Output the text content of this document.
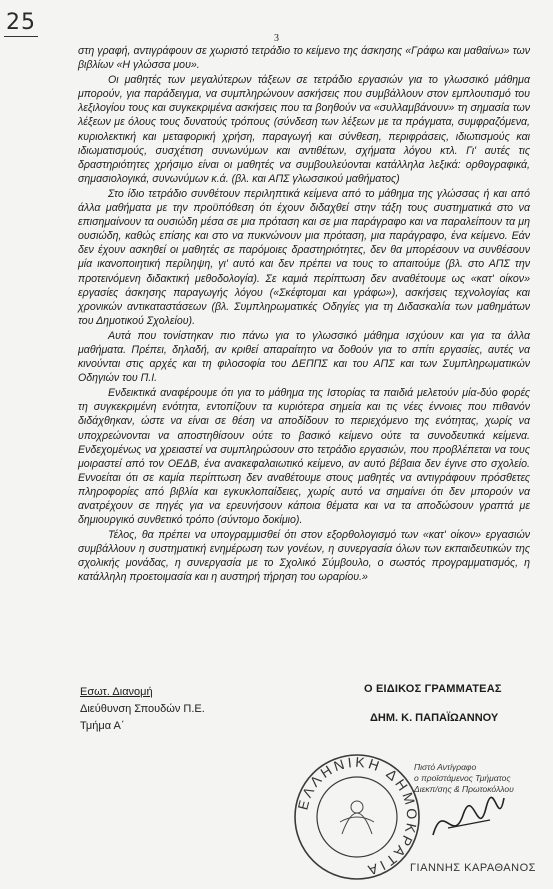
25
3

στη γραφή, αντιγράφουν σε χωριστό τετράδιο το κείμενο της άσκησης «Γράφω και μαθαίνω» των βιβλίων «Η γλώσσα μου».

Οι μαθητές των μεγαλύτερων τάξεων σε τετράδιο εργασιών για το γλωσσικό μάθημα μπορούν, για παράδειγμα, να συμπληρώνουν ασκήσεις που συμβάλλουν στον εμπλουτισμό του λεξιλογίου τους και συγκεκριμένα ασκήσεις που τα βοηθούν να «συλλαμβάνουν» τη σημασία των λέξεων με όλους τους δυνατούς τρόπους (σύνδεση των λέξεων με τα πράγματα, συμφραζόμενα, κυριολεκτική και μεταφορική χρήση, παραγωγή και σύνθεση, περιφράσεις, ιδιωτισμούς και ιδιωματισμούς, συσχέτιση συνωνύμων και αντιθέτων, σχήματα λόγου κτλ. Γι' αυτές τις δραστηριότητες χρήσιμο είναι οι μαθητές να συμβουλεύονται κατάλληλα λεξικά: ορθογραφικά, σημασιολογικά, συνωνύμων κ.ά. (βλ. και ΑΠΣ γλωσσικού μαθήματος)

Στο ίδιο τετράδιο συνθέτουν περιληπτικά κείμενα από το μάθημα της γλώσσας ή και από άλλα μαθήματα με την προϋπόθεση ότι έχουν διδαχθεί στην τάξη τους συστηματικά στο να επισημαίνουν τα ουσιώδη μέσα σε μια πρόταση και σε μια παράγραφο και να παραλείπουν τα μη ουσιώδη, καθώς επίσης και στο να πυκνώνουν μια πρόταση, μια παράγραφο, ένα κείμενο. Εάν δεν έχουν ασκηθεί οι μαθητές σε παρόμοιες δραστηριότητες, δεν θα μπορέσουν να συνθέσουν μία ικανοποιητική περίληψη, γι' αυτό και δεν πρέπει να τους το απαιτούμε (βλ. στο ΑΠΣ την προτεινόμενη διδακτική μεθοδολογία). Σε καμιά περίπτωση δεν αναθέτουμε ως «κατ' οίκον» εργασίες άσκησης παραγωγής λόγου («Σκέφτομαι και γράφω»), ασκήσεις τεχνολογίας και χρονικών αντικαταστάσεων (βλ. Συμπληρωματικές Οδηγίες για τη Διδασκαλία των μαθημάτων του Δημοτικού Σχολείου).

Αυτά που τονίστηκαν πιο πάνω για το γλωσσικό μάθημα ισχύουν και για τα άλλα μαθήματα. Πρέπει, δηλαδή, αν κριθεί απαραίτητο να δοθούν για το σπίτι εργασίες, αυτές να κινούνται στις αρχές και τη φιλοσοφία του ΔΕΠΠΣ και του ΑΠΣ και των Συμπληρωματικών Οδηγιών του Π.Ι.

Ενδεικτικά αναφέρουμε ότι για το μάθημα της Ιστορίας τα παιδιά μελετούν μία-δύο φορές τη συγκεκριμένη ενότητα, εντοπίζουν τα κυριότερα σημεία και τις νέες έννοιες που πιθανόν διδάχθηκαν, ώστε να είναι σε θέση να αποδίδουν το περιεχόμενο της ενότητας, χωρίς να υποχρεώνονται να αποστηθίσουν ούτε το βασικό κείμενο ούτε τα συνοδευτικά κείμενα. Ενδεχομένως να χρειαστεί να συμπληρώσουν στο τετράδιο εργασιών, που προβλέπεται να τους μοιραστεί από τον ΟΕΔΒ, ένα ανακεφαλαιωτικό κείμενο, αν αυτό βέβαια δεν έγινε στο σχολείο. Εννοείται ότι σε καμία περίπτωση δεν αναθέτουμε στους μαθητές να αντιγράφουν πρόσθετες πληροφορίες από βιβλία και εγκυκλοπαίδειες, χωρίς αυτό να σημαίνει ότι δεν μπορούν να ανατρέχουν σε πηγές για να ερευνήσουν κάποια θέματα και να τα αποδώσουν γραπτά με δημιουργικό συνθετικό τρόπο (σύντομο δοκίμιο).

Τέλος, θα πρέπει να υπογραμμισθεί ότι στον εξορθολογισμό των «κατ' οίκον» εργασιών συμβάλλουν η συστηματική ενημέρωση των γονέων, η συνεργασία όλων των εκπαιδευτικών της σχολικής μονάδας, η συνεργασία με το Σχολικό Σύμβουλο, ο σωστός προγραμματισμός, η κατάλληλη προετοιμασία και η αυστηρή τήρηση του ωραρίου.»

Εσωτ. Διανομή
Διεύθυνση Σπουδών Π.Ε.
Τμήμα Α΄
Ο ΕΙΔΙΚΟΣ ΓΡΑΜΜΑΤΕΑΣ
ΔΗΜ. Κ. ΠΑΠΑΪΩΑΝΝΟΥ
ΕΛΛΗΝΙΚΗ ΔΗΜΟΚΡΑΤΙΑ
Πιστό Αντίγραφο
ο προϊστάμενος Τμήματος
Διεκπ/σης & Πρωτοκόλλου
ΓΙΑΝΝΗΣ ΚΑΡΑΘΑΝΟΣ
